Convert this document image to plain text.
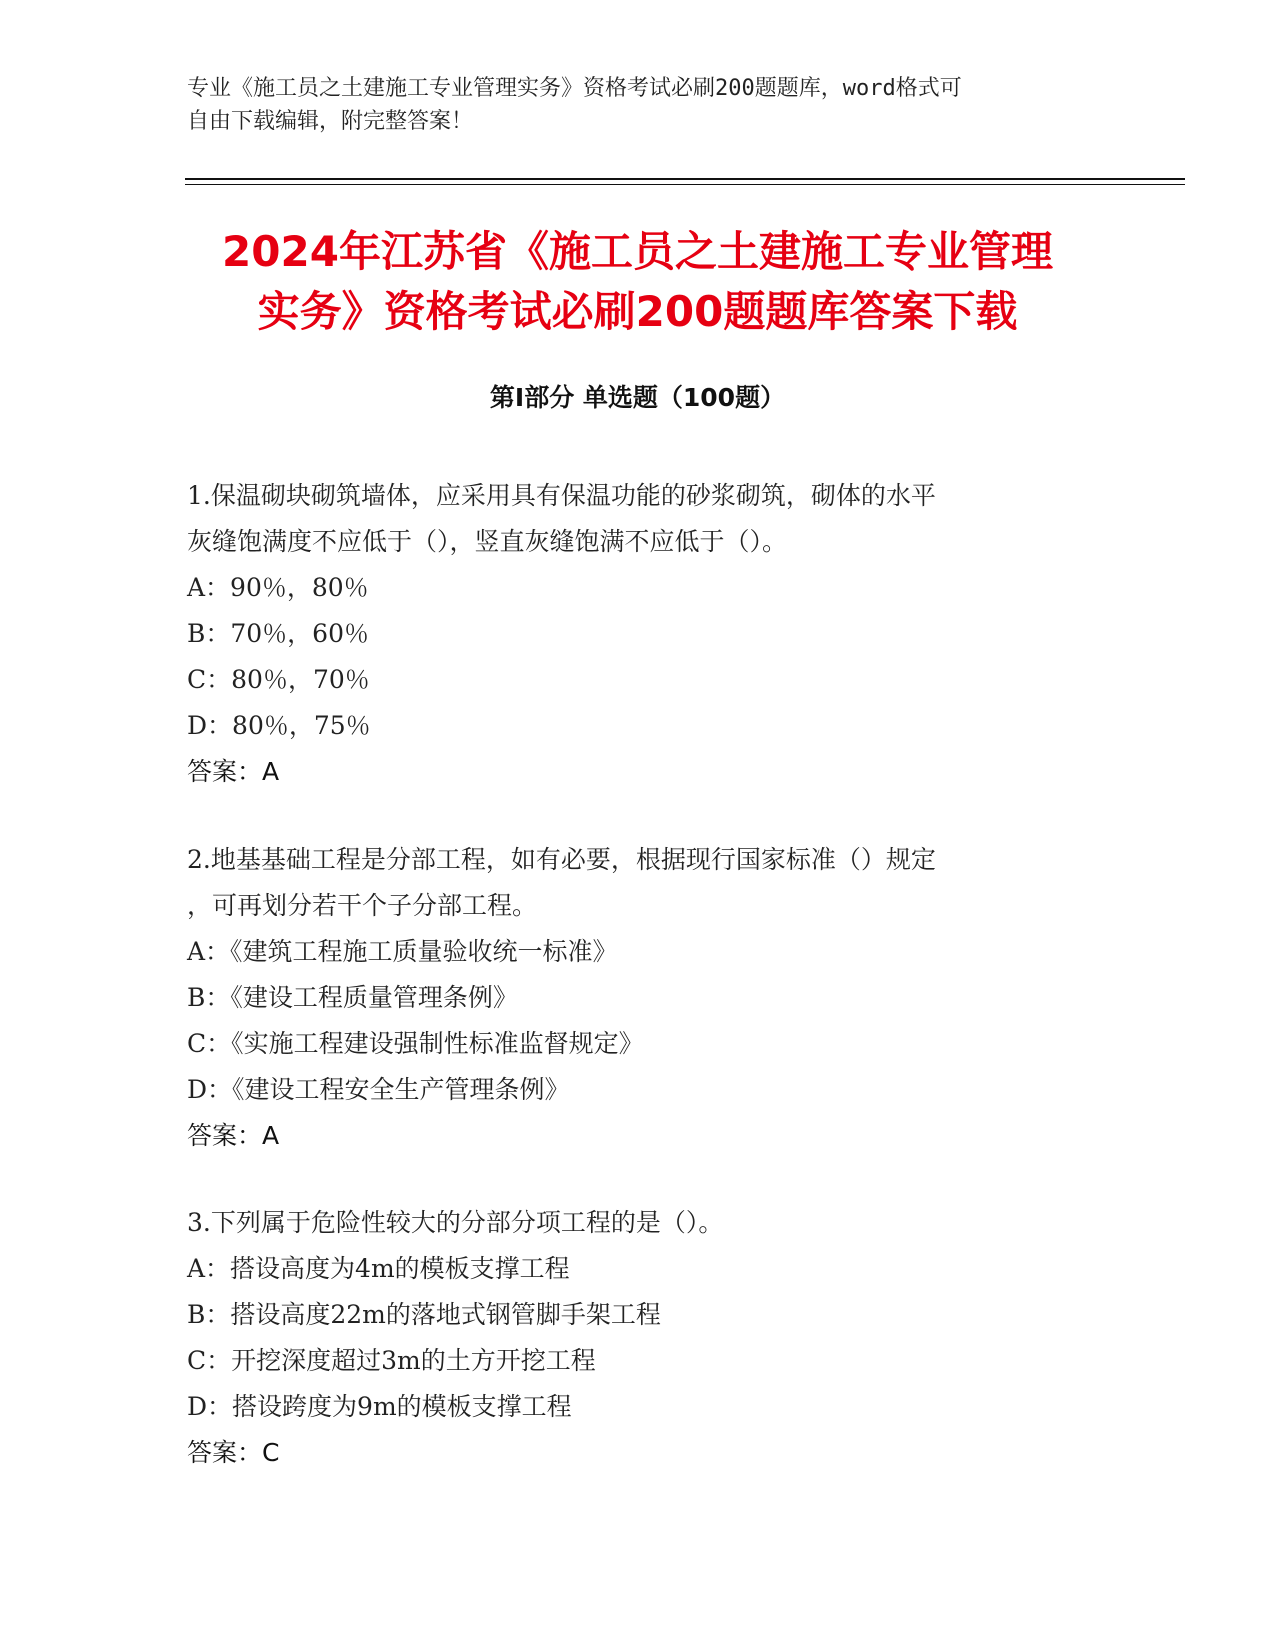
专业《施工员之土建施工专业管理实务》资格考试必刷200题题库，word格式可
自由下载编辑，附完整答案！

2024年江苏省《施工员之土建施工专业管理
实务》资格考试必刷200题题库答案下载
第Ⅰ部分 单选题（100题）

1.保温砌块砌筑墙体，应采用具有保温功能的砂浆砌筑，砌体的水平
灰缝饱满度不应低于（），竖直灰缝饱满不应低于（）。

A：90％，80％

B：70％，60％

C：80％，70％

D：80％，75％

答案：A

2.地基基础工程是分部工程，如有必要，根据现行国家标准（）规定
，可再划分若干个子分部工程。

A：《建筑工程施工质量验收统一标准》

B：《建设工程质量管理条例》

C：《实施工程建设强制性标准监督规定》

D：《建设工程安全生产管理条例》

答案：A

3.下列属于危险性较大的分部分项工程的是（）。

A：搭设高度为4m的模板支撑工程

B：搭设高度22m的落地式钢管脚手架工程

C：开挖深度超过3m的土方开挖工程

D：搭设跨度为9m的模板支撑工程

答案：C
